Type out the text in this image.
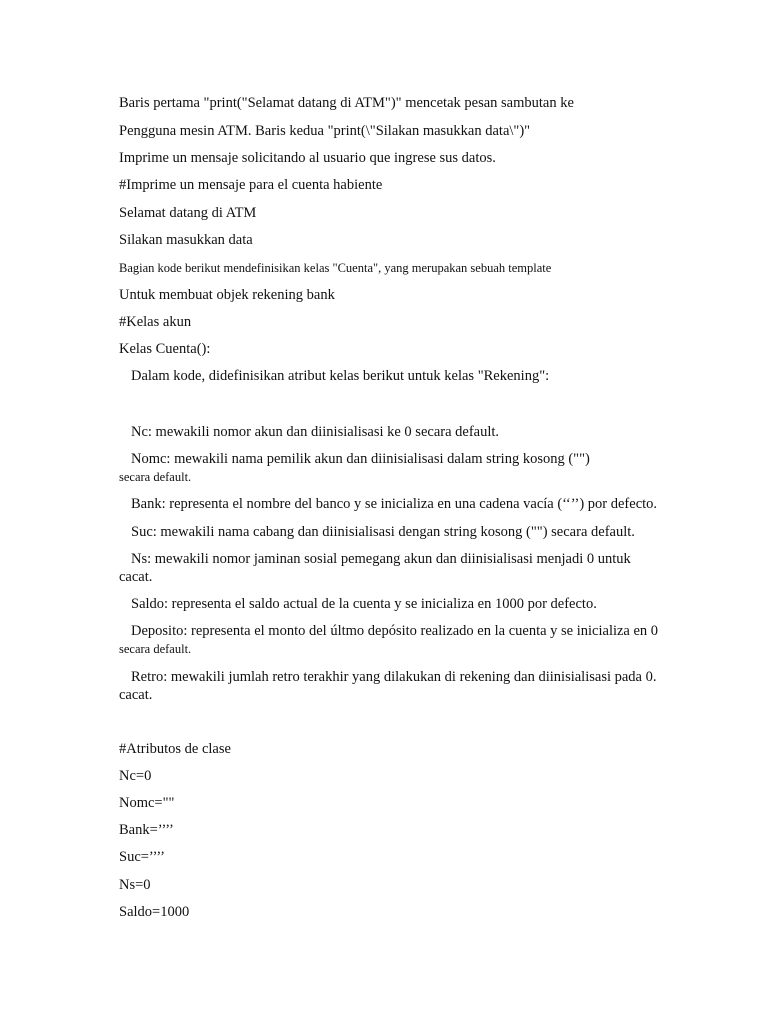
Baris pertama "print("Selamat datang di ATM")" mencetak pesan sambutan ke
Pengguna mesin ATM. Baris kedua "print(\"Silakan masukkan data\")"
Imprime un mensaje solicitando al usuario que ingrese sus datos.
#Imprime un mensaje para el cuenta habiente
Selamat datang di ATM
Silakan masukkan data
Bagian kode berikut mendefinisikan kelas "Cuenta", yang merupakan sebuah template
Untuk membuat objek rekening bank
#Kelas akun
Kelas Cuenta():
Dalam kode, didefinisikan atribut kelas berikut untuk kelas "Rekening":
Nc: mewakili nomor akun dan diinisialisasi ke 0 secara default.
Nomc: mewakili nama pemilik akun dan diinisialisasi dalam string kosong ("")
secara default.
Bank: representa el nombre del banco y se inicializa en una cadena vacía (‘‘’’) por defecto.
Suc: mewakili nama cabang dan diinisialisasi dengan string kosong ("") secara default.
Ns: mewakili nomor jaminan sosial pemegang akun dan diinisialisasi menjadi 0 untuk
cacat.
Saldo: representa el saldo actual de la cuenta y se inicializa en 1000 por defecto.
Deposito: representa el monto del últmo depósito realizado en la cuenta y se inicializa en 0
secara default.
Retro: mewakili jumlah retro terakhir yang dilakukan di rekening dan diinisialisasi pada 0.
cacat.
#Atributos de clase
Nc=0
Nomc=""
Bank=’’’’
Suc=’’’’
Ns=0
Saldo=1000
